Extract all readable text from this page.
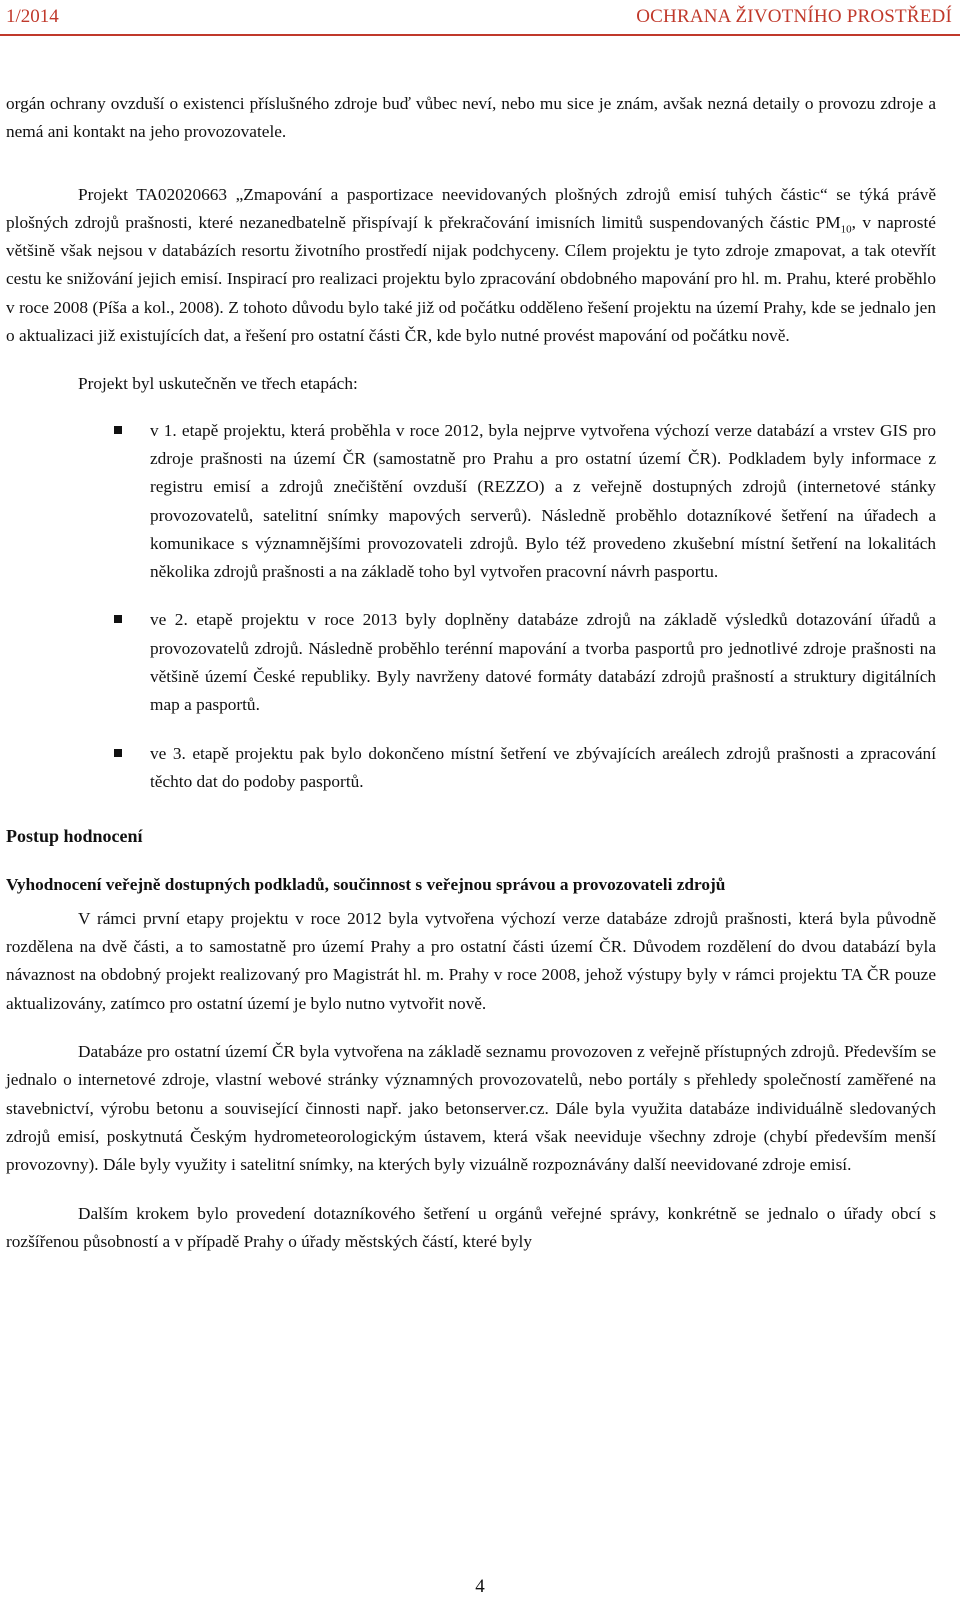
1/2014	OCHRANA ŽIVOTNÍHO PROSTŘEDÍ

orgán ochrany ovzduší o existenci příslušného zdroje buď vůbec neví, nebo mu sice je znám, avšak nezná detaily o provozu zdroje a nemá ani kontakt na jeho provozovatele.

Projekt TA02020663 „Zmapování a pasportizace neevidovaných plošných zdrojů emisí tuhých částic“ se týká právě plošných zdrojů prašnosti, které nezanedbatelně přispívají k překračování imisních limitů suspendovaných částic $PM_{10}$, v naprosté většině však nejsou v databázích resortu životního prostředí nijak podchyceny. Cílem projektu je tyto zdroje zmapovat, a tak otevřít cestu ke snižování jejich emisí. Inspirací pro realizaci projektu bylo zpracování obdobného mapování pro hl. m. Prahu, které proběhlo v roce 2008 (Píša a kol., 2008). Z tohoto důvodu bylo také již od počátku odděleno řešení projektu na území Prahy, kde se jednalo jen o aktualizaci již existujících dat, a řešení pro ostatní části ČR, kde bylo nutné provést mapování od počátku nově.

Projekt byl uskutečněn ve třech etapách:

v 1. etapě projektu, která proběhla v roce 2012, byla nejprve vytvořena výchozí verze databází a vrstev GIS pro zdroje prašnosti na území ČR (samostatně pro Prahu a pro ostatní území ČR). Podkladem byly informace z registru emisí a zdrojů znečištění ovzduší (REZZO) a z veřejně dostupných zdrojů (internetové stánky provozovatelů, satelitní snímky mapových serverů). Následně proběhlo dotazníkové šetření na úřadech a komunikace s významnějšími provozovateli zdrojů. Bylo též provedeno zkušební místní šetření na lokalitách několika zdrojů prašnosti a na základě toho byl vytvořen pracovní návrh pasportu.
ve 2. etapě projektu v roce 2013 byly doplněny databáze zdrojů na základě výsledků dotazování úřadů a provozovatelů zdrojů. Následně proběhlo terénní mapování a tvorba pasportů pro jednotlivé zdroje prašnosti na většině území České republiky. Byly navrženy datové formáty databází zdrojů prašností a struktury digitálních map a pasportů.
ve 3. etapě projektu pak bylo dokončeno místní šetření ve zbývajících areálech zdrojů prašnosti a zpracování těchto dat do podoby pasportů.

Postup hodnocení

Vyhodnocení veřejně dostupných podkladů, součinnost s veřejnou správou a provozovateli zdrojů

V rámci první etapy projektu v roce 2012 byla vytvořena výchozí verze databáze zdrojů prašnosti, která byla původně rozdělena na dvě části, a to samostatně pro území Prahy a pro ostatní části území ČR. Důvodem rozdělení do dvou databází byla návaznost na obdobný projekt realizovaný pro Magistrát hl. m. Prahy v roce 2008, jehož výstupy byly v rámci projektu TA ČR pouze aktualizovány, zatímco pro ostatní území je bylo nutno vytvořit nově.

Databáze pro ostatní území ČR byla vytvořena na základě seznamu provozoven z veřejně přístupných zdrojů. Především se jednalo o internetové zdroje, vlastní webové stránky významných provozovatelů, nebo portály s přehledy společností zaměřené na stavebnictví, výrobu betonu a související činnosti např. jako betonserver.cz. Dále byla využita databáze individuálně sledovaných zdrojů emisí, poskytnutá Českým hydrometeorologickým ústavem, která však neeviduje všechny zdroje (chybí především menší provozovny). Dále byly využity i satelitní snímky, na kterých byly vizuálně rozpoznávány další neevidované zdroje emisí.

Dalším krokem bylo provedení dotazníkového šetření u orgánů veřejné správy, konkrétně se jednalo o úřady obcí s rozšířenou působností a v případě Prahy o úřady městských částí, které byly

4
